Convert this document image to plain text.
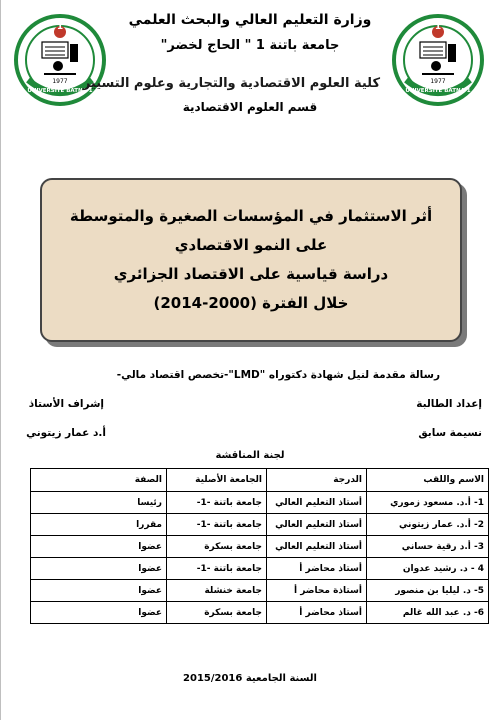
1
1977
UNIVERSITE BATNA 1
1
1977
UNIVERSITE BATNA 1
وزارة التعليم العالي والبحث العلمي
جامعة باتنة 1 " الحاج لخضر"
كلية العلوم الاقتصادية والتجارية وعلوم التسيير
قسم العلوم الاقتصادية
أثر الاستثمار في المؤسسات الصغيرة والمتوسطة
على النمو الاقتصادي
دراسة قياسية على الاقتصاد الجزائري
خلال الفترة (2000-2014)
رسالة مقدمة لنيل شهادة دكتوراه "LMD"-تخصص اقتصاد مالي-
إعداد الطالبة
إشراف الأستاذ
نسيمة سابق
أ.د عمار زيتوني
لجنة المناقشة
الاسم واللقب	الدرجة	الجامعة الأصلية	الصفة
1- أ.د. مسعود زموري	أستاذ التعليم العالي	جامعة باتنة -1-	رئيسا
2- أ.د. عمار زيتوني	أستاذ التعليم العالي	جامعة باتنة -1-	مقررا
3- أ.د رقية حساني	أستاذ التعليم العالي	جامعة بسكرة	عضوا
4 - د. رشيد عدوان	أستاذ محاضر أ	جامعة باتنة -1-	عضوا
5- د. ليليا بن منصور	أستاذة محاضر أ	جامعة خنشلة	عضوا
6- د. عبد الله غالم	أستاذ محاضر أ	جامعة بسكرة	عضوا
السنة الجامعية 2015/2016
